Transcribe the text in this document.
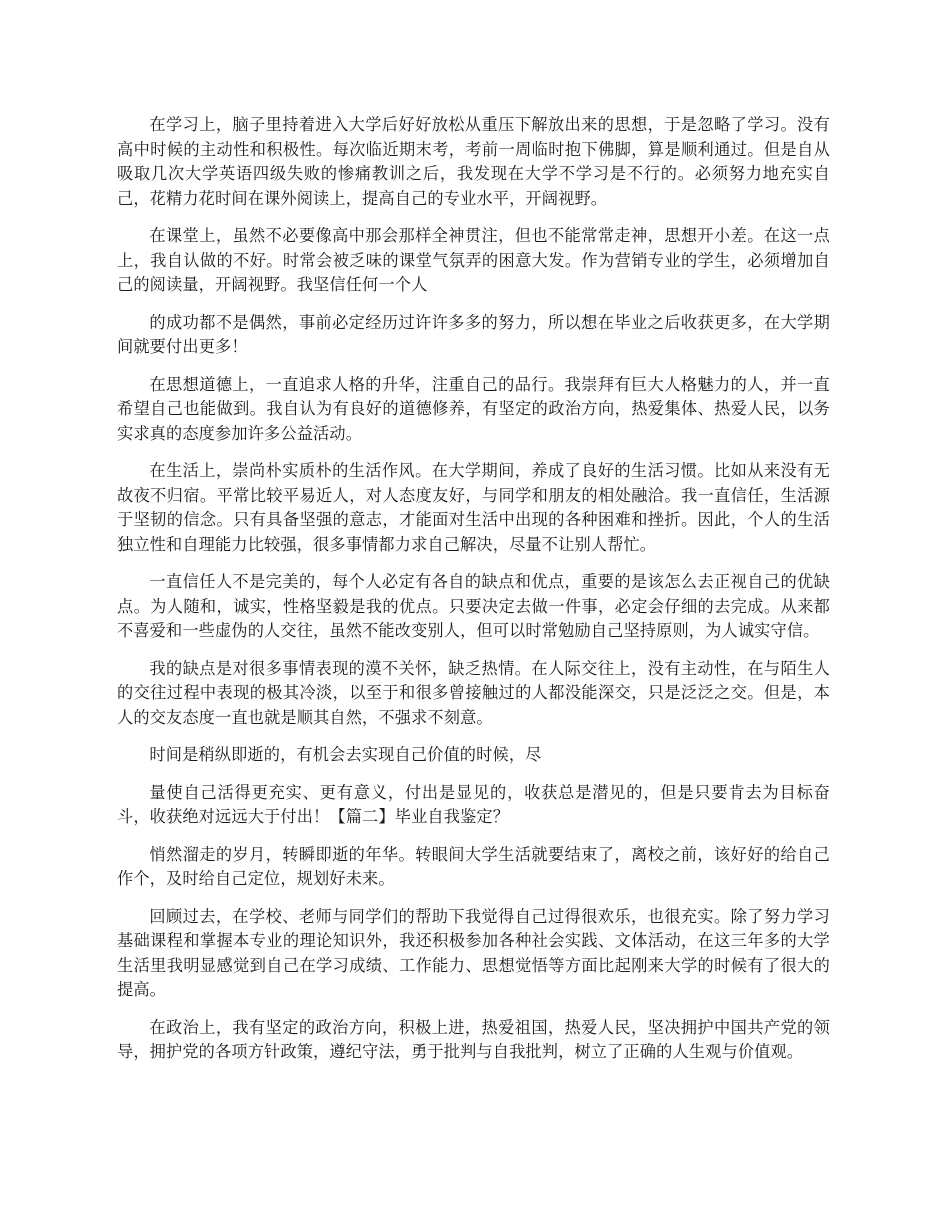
在学习上，脑子里持着进入大学后好好放松从重压下解放出来的思想，于是忽略了学习。没有高中时候的主动性和积极性。每次临近期末考，考前一周临时抱下佛脚，算是顺利通过。但是自从吸取几次大学英语四级失败的惨痛教训之后，我发现在大学不学习是不行的。必须努力地充实自己，花精力花时间在课外阅读上，提高自己的专业水平，开阔视野。

在课堂上，虽然不必要像高中那会那样全神贯注，但也不能常常走神，思想开小差。在这一点上，我自认做的不好。时常会被乏味的课堂气氛弄的困意大发。作为营销专业的学生，必须增加自己的阅读量，开阔视野。我坚信任何一个人

的成功都不是偶然，事前必定经历过许许多多的努力，所以想在毕业之后收获更多，在大学期间就要付出更多！

在思想道德上，一直追求人格的升华，注重自己的品行。我崇拜有巨大人格魅力的人，并一直希望自己也能做到。我自认为有良好的道德修养，有坚定的政治方向，热爱集体、热爱人民，以务实求真的态度参加许多公益活动。

在生活上，崇尚朴实质朴的生活作风。在大学期间，养成了良好的生活习惯。比如从来没有无故夜不归宿。平常比较平易近人，对人态度友好，与同学和朋友的相处融洽。我一直信任，生活源于坚韧的信念。只有具备坚强的意志，才能面对生活中出现的各种困难和挫折。因此，个人的生活独立性和自理能力比较强，很多事情都力求自己解决，尽量不让别人帮忙。

一直信任人不是完美的，每个人必定有各自的缺点和优点，重要的是该怎么去正视自己的优缺点。为人随和，诚实，性格坚毅是我的优点。只要决定去做一件事，必定会仔细的去完成。从来都不喜爱和一些虚伪的人交往，虽然不能改变别人，但可以时常勉励自己坚持原则，为人诚实守信。

我的缺点是对很多事情表现的漠不关怀，缺乏热情。在人际交往上，没有主动性，在与陌生人的交往过程中表现的极其冷淡，以至于和很多曾接触过的人都没能深交，只是泛泛之交。但是，本人的交友态度一直也就是顺其自然，不强求不刻意。

时间是稍纵即逝的，有机会去实现自己价值的时候，尽

量使自己活得更充实、更有意义，付出是显见的，收获总是潜见的，但是只要肯去为目标奋斗，收获绝对远远大于付出！【篇二】毕业自我鉴定？

悄然溜走的岁月，转瞬即逝的年华。转眼间大学生活就要结束了，离校之前，该好好的给自己作个，及时给自己定位，规划好未来。

回顾过去，在学校、老师与同学们的帮助下我觉得自己过得很欢乐，也很充实。除了努力学习基础课程和掌握本专业的理论知识外，我还积极参加各种社会实践、文体活动，在这三年多的大学生活里我明显感觉到自己在学习成绩、工作能力、思想觉悟等方面比起刚来大学的时候有了很大的提高。

在政治上，我有坚定的政治方向，积极上进，热爱祖国，热爱人民，坚决拥护中国共产党的领导，拥护党的各项方针政策，遵纪守法，勇于批判与自我批判，树立了正确的人生观与价值观。
